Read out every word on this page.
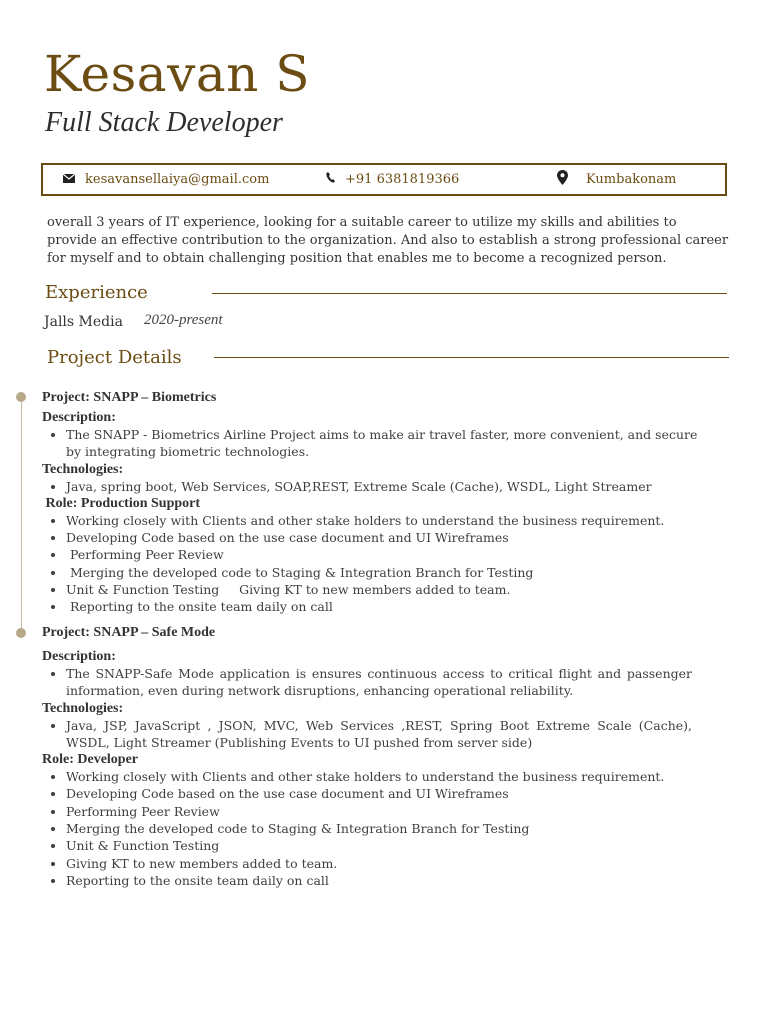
Kesavan S
Full Stack Developer
kesavansellaiya@gmail.com	+91 6381819366	Kumbakonam
overall 3 years of IT experience, looking for a suitable career to utilize my skills and abilities to provide an effective contribution to the organization. And also to establish a strong professional career for myself and to obtain challenging position that enables me to become a recognized person.
Experience
Jalls Media 2020-present
Project Details
Project: SNAPP – Biometrics
Description:
• The SNAPP - Biometrics Airline Project aims to make air travel faster, more convenient, and secure by integrating biometric technologies.
Technologies:
• Java, spring boot, Web Services, SOAP,REST, Extreme Scale (Cache), WSDL, Light Streamer
Role: Production Support
• Working closely with Clients and other stake holders to understand the business requirement.
• Developing Code based on the use case document and UI Wireframes
•  Performing Peer Review
•  Merging the developed code to Staging & Integration Branch for Testing
• Unit & Function Testing     Giving KT to new members added to team.
•  Reporting to the onsite team daily on call
Project: SNAPP – Safe Mode
Description:
• The SNAPP-Safe Mode application is ensures continuous access to critical flight and passenger information, even during network disruptions, enhancing operational reliability.
Technologies:
• Java, JSP, JavaScript , JSON, MVC, Web Services ,REST, Spring Boot Extreme Scale (Cache), WSDL, Light Streamer (Publishing Events to UI pushed from server side)
Role: Developer
• Working closely with Clients and other stake holders to understand the business requirement.
• Developing Code based on the use case document and UI Wireframes
• Performing Peer Review
• Merging the developed code to Staging & Integration Branch for Testing
• Unit & Function Testing
• Giving KT to new members added to team.
• Reporting to the onsite team daily on call
